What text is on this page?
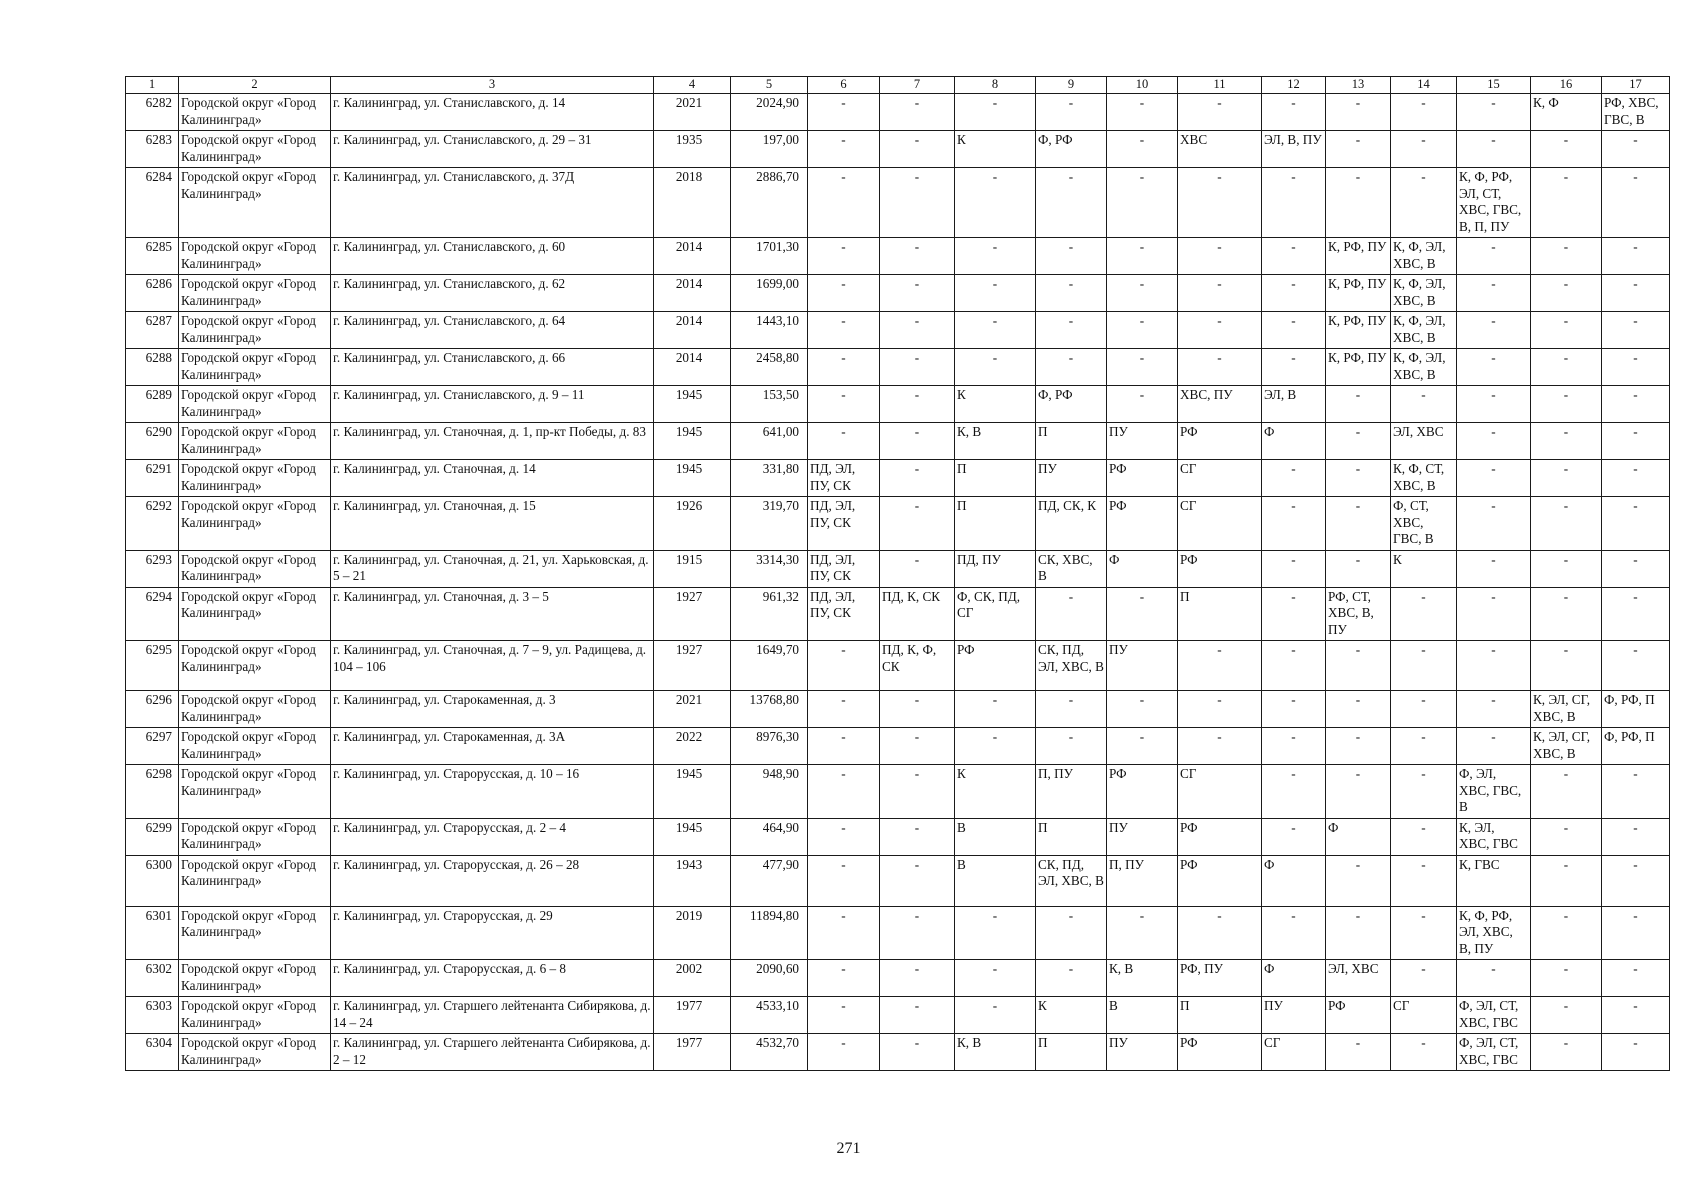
1	2	3	4	5	6	7	8	9	10	11	12	13	14	15	16	17
6282	Городской округ «Город Калининград»	г. Калининград, ул. Станиславского, д. 14	2021	2024,90	-	-	-	-	-	-	-	-	-	-	К, Ф	РФ, ХВС, ГВС, В
6283	Городской округ «Город Калининград»	г. Калининград, ул. Станиславского, д. 29 – 31	1935	197,00	-	-	К	Ф, РФ	-	ХВС	ЭЛ, В, ПУ	-	-	-	-	-
6284	Городской округ «Город Калининград»	г. Калининград, ул. Станиславского, д. 37Д	2018	2886,70	-	-	-	-	-	-	-	-	-	К, Ф, РФ, ЭЛ, СТ, ХВС, ГВС, В, П, ПУ	-	-
6285	Городской округ «Город Калининград»	г. Калининград, ул. Станиславского, д. 60	2014	1701,30	-	-	-	-	-	-	-	К, РФ, ПУ	К, Ф, ЭЛ, ХВС, В	-	-	-
6286	Городской округ «Город Калининград»	г. Калининград, ул. Станиславского, д. 62	2014	1699,00	-	-	-	-	-	-	-	К, РФ, ПУ	К, Ф, ЭЛ, ХВС, В	-	-	-
6287	Городской округ «Город Калининград»	г. Калининград, ул. Станиславского, д. 64	2014	1443,10	-	-	-	-	-	-	-	К, РФ, ПУ	К, Ф, ЭЛ, ХВС, В	-	-	-
6288	Городской округ «Город Калининград»	г. Калининград, ул. Станиславского, д. 66	2014	2458,80	-	-	-	-	-	-	-	К, РФ, ПУ	К, Ф, ЭЛ, ХВС, В	-	-	-
6289	Городской округ «Город Калининград»	г. Калининград, ул. Станиславского, д. 9 – 11	1945	153,50	-	-	К	Ф, РФ	-	ХВС, ПУ	ЭЛ, В	-	-	-	-	-
6290	Городской округ «Город Калининград»	г. Калининград, ул. Станочная, д. 1, пр-кт Победы, д. 83	1945	641,00	-	-	К, В	П	ПУ	РФ	Ф	-	ЭЛ, ХВС	-	-	-
6291	Городской округ «Город Калининград»	г. Калининград, ул. Станочная, д. 14	1945	331,80	ПД, ЭЛ, ПУ, СК	-	П	ПУ	РФ	СГ	-	-	К, Ф, СТ, ХВС, В	-	-	-
6292	Городской округ «Город Калининград»	г. Калининград, ул. Станочная, д. 15	1926	319,70	ПД, ЭЛ, ПУ, СК	-	П	ПД, СК, К	РФ	СГ	-	-	Ф, СТ, ХВС, ГВС, В	-	-	-
6293	Городской округ «Город Калининград»	г. Калининград, ул. Станочная, д. 21, ул. Харьковская, д. 5 – 21	1915	3314,30	ПД, ЭЛ, ПУ, СК	-	ПД, ПУ	СК, ХВС, В	Ф	РФ	-	-	К	-	-	-
6294	Городской округ «Город Калининград»	г. Калининград, ул. Станочная, д. 3 – 5	1927	961,32	ПД, ЭЛ, ПУ, СК	ПД, К, СК	Ф, СК, ПД, СГ	-	-	П	-	РФ, СТ, ХВС, В, ПУ	-	-	-	-
6295	Городской округ «Город Калининград»	г. Калининград, ул. Станочная, д. 7 – 9, ул. Радищева, д. 104 – 106	1927	1649,70	-	ПД, К, Ф, СК	РФ	СК, ПД, ЭЛ, ХВС, В	ПУ	-	-	-	-	-	-	-
6296	Городской округ «Город Калининград»	г. Калининград, ул. Старокаменная, д. 3	2021	13768,80	-	-	-	-	-	-	-	-	-	-	К, ЭЛ, СГ, ХВС, В	Ф, РФ, П
6297	Городской округ «Город Калининград»	г. Калининград, ул. Старокаменная, д. 3А	2022	8976,30	-	-	-	-	-	-	-	-	-	-	К, ЭЛ, СГ, ХВС, В	Ф, РФ, П
6298	Городской округ «Город Калининград»	г. Калининград, ул. Старорусская, д. 10 – 16	1945	948,90	-	-	К	П, ПУ	РФ	СГ	-	-	-	Ф, ЭЛ, ХВС, ГВС, В	-	-
6299	Городской округ «Город Калининград»	г. Калининград, ул. Старорусская, д. 2 – 4	1945	464,90	-	-	В	П	ПУ	РФ	-	Ф	-	К, ЭЛ, ХВС, ГВС	-	-
6300	Городской округ «Город Калининград»	г. Калининград, ул. Старорусская, д. 26 – 28	1943	477,90	-	-	В	СК, ПД, ЭЛ, ХВС, В	П, ПУ	РФ	Ф	-	-	К, ГВС	-	-
6301	Городской округ «Город Калининград»	г. Калининград, ул. Старорусская, д. 29	2019	11894,80	-	-	-	-	-	-	-	-	-	К, Ф, РФ, ЭЛ, ХВС, В, ПУ	-	-
6302	Городской округ «Город Калининград»	г. Калининград, ул. Старорусская, д. 6 – 8	2002	2090,60	-	-	-	-	К, В	РФ, ПУ	Ф	ЭЛ, ХВС	-	-	-	-
6303	Городской округ «Город Калининград»	г. Калининград, ул. Старшего лейтенанта Сибирякова, д. 14 – 24	1977	4533,10	-	-	-	К	В	П	ПУ	РФ	СГ	Ф, ЭЛ, СТ, ХВС, ГВС	-	-
6304	Городской округ «Город Калининград»	г. Калининград, ул. Старшего лейтенанта Сибирякова, д. 2 – 12	1977	4532,70	-	-	К, В	П	ПУ	РФ	СГ	-	-	Ф, ЭЛ, СТ, ХВС, ГВС	-	-
271
